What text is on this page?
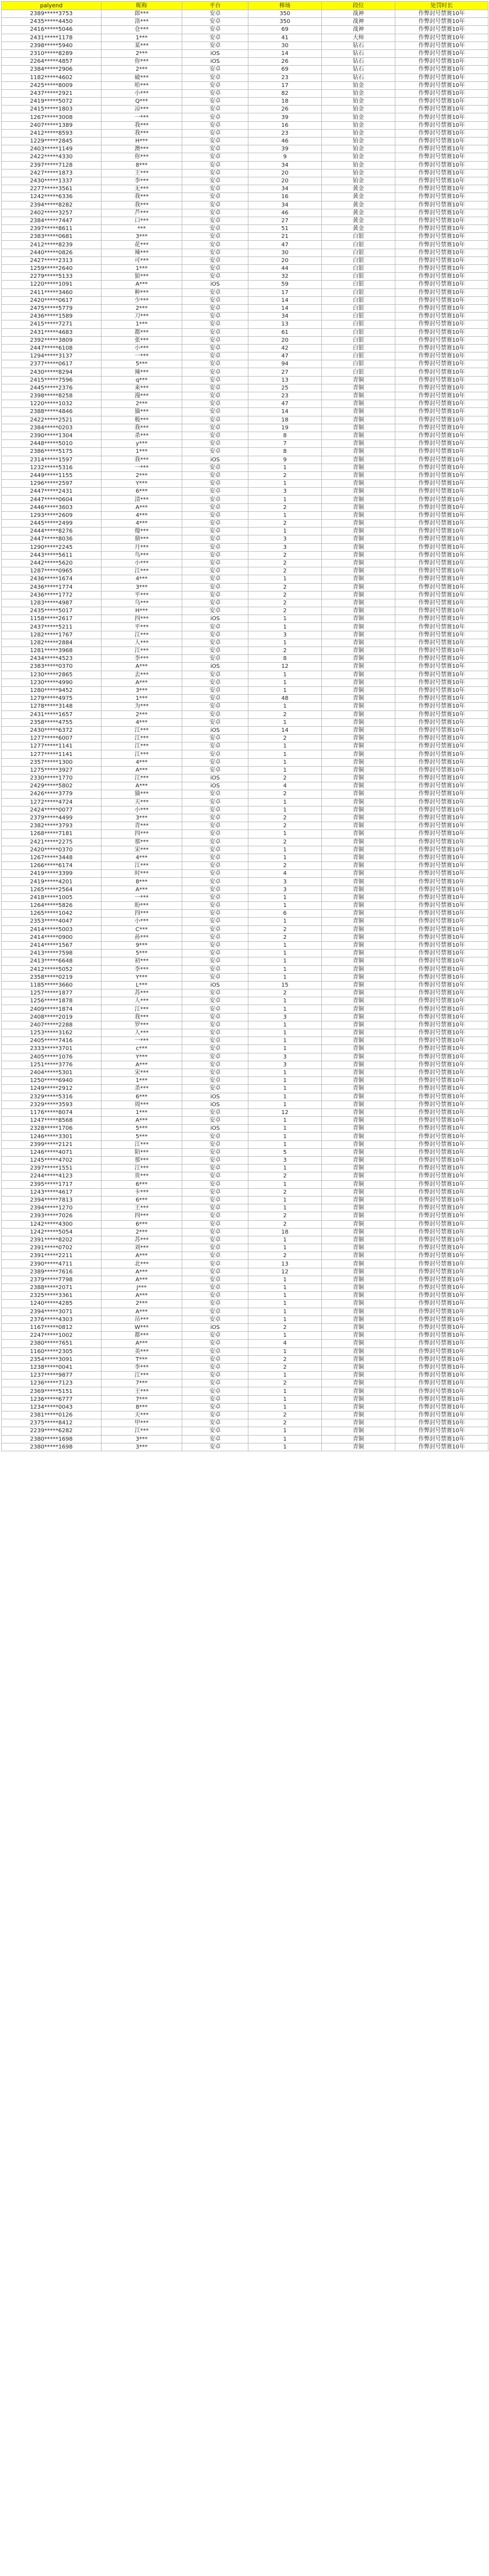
palyend	昵称	平台	棒场	段位	处罚时长
2389*****3753	郎***	安卓	350	战神	作弊封号禁赛10年
2435*****4450	洛***	安卓	350	战神	作弊封号禁赛10年
2416*****5046	仓***	安卓	69	战神	作弊封号禁赛10年
2431*****1178	1***	安卓	41	大师	作弊封号禁赛10年
2398*****5940	某***	安卓	30	钻石	作弊封号禁赛10年
2310*****8289	2***	iOS	14	钻石	作弊封号禁赛10年
2264*****4857	你***	iOS	26	钻石	作弊封号禁赛10年
2384*****2906	2***	安卓	69	钻石	作弊封号禁赛10年
1182*****4602	破***	安卓	23	钻石	作弊封号禁赛10年
2425*****8009	哈***	安卓	17	铂金	作弊封号禁赛10年
2437*****2921	小***	安卓	82	铂金	作弊封号禁赛10年
2419*****5072	Q***	安卓	18	铂金	作弊封号禁赛10年
2415*****1803	凉***	安卓	26	铂金	作弊封号禁赛10年
1267*****3008	一***	安卓	39	铂金	作弊封号禁赛10年
2407*****1389	我***	安卓	16	铂金	作弊封号禁赛10年
2412*****8593	我***	安卓	23	铂金	作弊封号禁赛10年
1229*****2845	H***	安卓	46	铂金	作弊封号禁赛10年
2403*****1149	澳***	安卓	39	铂金	作弊封号禁赛10年
2422*****4330	你***	安卓	9	铂金	作弊封号禁赛10年
2397*****7128	8***	安卓	34	铂金	作弊封号禁赛10年
2427*****1873	王***	安卓	20	铂金	作弊封号禁赛10年
2430*****1337	李***	安卓	20	铂金	作弊封号禁赛10年
2277*****3561	无***	安卓	34	黄金	作弊封号禁赛10年
1242*****6336	我***	安卓	16	黄金	作弊封号禁赛10年
2394*****8282	我***	安卓	34	黄金	作弊封号禁赛10年
2402*****3257	芦***	安卓	46	黄金	作弊封号禁赛10年
2384*****7447	口***	安卓	27	黄金	作弊封号禁赛10年
2397*****8611	***	安卓	51	黄金	作弊封号禁赛10年
2383*****0681	3***	安卓	21	白银	作弊封号禁赛10年
2412*****8239	花***	安卓	47	白银	作弊封号禁赛10年
2440*****0826	辣***	安卓	30	白银	作弊封号禁赛10年
2427*****2313	可***	安卓	20	白银	作弊封号禁赛10年
1259*****2640	1***	安卓	44	白银	作弊封号禁赛10年
2279*****5133	狼***	安卓	32	白银	作弊封号禁赛10年
1220*****1091	A***	iOS	59	白银	作弊封号禁赛10年
2411*****3460	种***	安卓	17	白银	作弊封号禁赛10年
2420*****0617	少***	安卓	14	白银	作弊封号禁赛10年
2475*****5779	2***	安卓	14	白银	作弊封号禁赛10年
2436*****1589	刀***	安卓	34	白银	作弊封号禁赛10年
2415*****7271	1***	安卓	13	白银	作弊封号禁赛10年
2431*****4683	都***	安卓	61	白银	作弊封号禁赛10年
2392*****3809	张***	安卓	20	白银	作弊封号禁赛10年
2447*****6108	小***	安卓	42	白银	作弊封号禁赛10年
1294*****3137	一***	安卓	47	白银	作弊封号禁赛10年
2377*****0617	5***	安卓	94	白银	作弊封号禁赛10年
2430*****8294	辣***	安卓	27	白银	作弊封号禁赛10年
2415*****7596	q***	安卓	13	青铜	作弊封号禁赛10年
2445*****2376	来***	安卓	25	青铜	作弊封号禁赛10年
2398*****8258	漫***	安卓	23	青铜	作弊封号禁赛10年
1220*****1032	2***	安卓	47	青铜	作弊封号禁赛10年
2388*****4846	猫***	安卓	14	青铜	作弊封号禁赛10年
2422*****2521	极***	安卓	18	青铜	作弊封号禁赛10年
2384*****0203	我***	安卓	19	青铜	作弊封号禁赛10年
2390*****1304	杀***	安卓	8	青铜	作弊封号禁赛10年
2448*****5010	y***	安卓	7	青铜	作弊封号禁赛10年
2386*****5175	1***	安卓	8	青铜	作弊封号禁赛10年
2314*****1597	我***	iOS	9	青铜	作弊封号禁赛10年
1232*****5316	一***	安卓	1	青铜	作弊封号禁赛10年
2449*****1155	2***	安卓	2	青铜	作弊封号禁赛10年
1296*****2597	Y***	安卓	1	青铜	作弊封号禁赛10年
2447*****2431	6***	安卓	3	青铜	作弊封号禁赛10年
2447*****0604	清***	安卓	1	青铜	作弊封号禁赛10年
2446*****3603	A***	安卓	2	青铜	作弊封号禁赛10年
1293*****2609	4***	安卓	1	青铜	作弊封号禁赛10年
2445*****2499	4***	安卓	2	青铜	作弊封号禁赛10年
2444*****8276	傻***	安卓	1	青铜	作弊封号禁赛10年
2447*****8036	鼎***	安卓	3	青铜	作弊封号禁赛10年
1290*****2245	月***	安卓	3	青铜	作弊封号禁赛10年
2443*****5611	鸟***	安卓	2	青铜	作弊封号禁赛10年
2442*****5620	小***	安卓	2	青铜	作弊封号禁赛10年
1287*****0965	江***	安卓	2	青铜	作弊封号禁赛10年
2436*****1674	4***	安卓	1	青铜	作弊封号禁赛10年
2436*****1774	3***	安卓	2	青铜	作弊封号禁赛10年
2436*****1772	平***	安卓	2	青铜	作弊封号禁赛10年
1283*****4987	乌***	安卓	2	青铜	作弊封号禁赛10年
2435*****5017	H***	安卓	2	青铜	作弊封号禁赛10年
1158*****2617	四***	iOS	1	青铜	作弊封号禁赛10年
2437*****5211	平***	安卓	1	青铜	作弊封号禁赛10年
1282*****1767	江***	安卓	3	青铜	作弊封号禁赛10年
1282*****2884	人***	安卓	1	青铜	作弊封号禁赛10年
1281*****3968	江***	安卓	2	青铜	作弊封号禁赛10年
2434*****4523	李***	安卓	8	青铜	作弊封号禁赛10年
2383*****0370	A***	iOS	12	青铜	作弊封号禁赛10年
1230*****2865	去***	安卓	1	青铜	作弊封号禁赛10年
1230*****4990	A***	安卓	1	青铜	作弊封号禁赛10年
1280*****9452	3***	安卓	1	青铜	作弊封号禁赛10年
1279*****4975	1***	安卓	48	青铜	作弊封号禁赛10年
1278*****3148	为***	安卓	1	青铜	作弊封号禁赛10年
2431*****1657	2***	安卓	2	青铜	作弊封号禁赛10年
2358*****4755	4***	安卓	1	青铜	作弊封号禁赛10年
2430*****6372	江***	iOS	14	青铜	作弊封号禁赛10年
1277*****6007	江***	安卓	2	青铜	作弊封号禁赛10年
1277*****1141	江***	安卓	1	青铜	作弊封号禁赛10年
1277*****1141	江***	安卓	1	青铜	作弊封号禁赛10年
2357*****1300	4***	安卓	1	青铜	作弊封号禁赛10年
1275*****3927	A***	安卓	1	青铜	作弊封号禁赛10年
2330*****1770	江***	iOS	2	青铜	作弊封号禁赛10年
2429*****5802	A***	iOS	4	青铜	作弊封号禁赛10年
2426*****3779	猫***	安卓	2	青铜	作弊封号禁赛10年
1272*****4724	天***	安卓	1	青铜	作弊封号禁赛10年
2424*****0077	小***	安卓	1	青铜	作弊封号禁赛10年
2379*****4499	3***	安卓	2	青铜	作弊封号禁赛10年
2382*****3793	青***	安卓	2	青铜	作弊封号禁赛10年
1268*****7181	四***	安卓	1	青铜	作弊封号禁赛10年
2421*****2275	那***	安卓	2	青铜	作弊封号禁赛10年
2420*****0370	宋***	安卓	1	青铜	作弊封号禁赛10年
1267*****3448	4***	安卓	1	青铜	作弊封号禁赛10年
1266*****6174	江***	安卓	2	青铜	作弊封号禁赛10年
2419*****3399	时***	安卓	4	青铜	作弊封号禁赛10年
2419*****4201	8***	安卓	3	青铜	作弊封号禁赛10年
1265*****2564	A***	安卓	3	青铜	作弊封号禁赛10年
2418*****1005	一***	安卓	1	青铜	作弊封号禁赛10年
1264*****5826	盼***	安卓	1	青铜	作弊封号禁赛10年
1265*****1042	四***	安卓	6	青铜	作弊封号禁赛10年
2353*****4047	小***	安卓	1	青铜	作弊封号禁赛10年
2414*****5003	C***	安卓	2	青铜	作弊封号禁赛10年
2414*****0900	孙***	安卓	2	青铜	作弊封号禁赛10年
2414*****1567	9***	安卓	1	青铜	作弊封号禁赛10年
2413*****7598	5***	安卓	1	青铜	作弊封号禁赛10年
2413*****6648	初***	安卓	1	青铜	作弊封号禁赛10年
2412*****5052	李***	安卓	1	青铜	作弊封号禁赛10年
2358*****0219	Y***	安卓	1	青铜	作弊封号禁赛10年
1185*****3660	L***	iOS	15	青铜	作弊封号禁赛10年
1257*****1877	苏***	安卓	2	青铜	作弊封号禁赛10年
1256*****1878	人***	安卓	1	青铜	作弊封号禁赛10年
2409*****1874	江***	安卓	1	青铜	作弊封号禁赛10年
2408*****2019	我***	安卓	3	青铜	作弊封号禁赛10年
2407*****2288	罗***	安卓	1	青铜	作弊封号禁赛10年
1253*****3162	人***	安卓	1	青铜	作弊封号禁赛10年
2405*****7416	一***	安卓	1	青铜	作弊封号禁赛10年
2333*****3701	c***	安卓	1	青铜	作弊封号禁赛10年
2405*****1076	Y***	安卓	3	青铜	作弊封号禁赛10年
1251*****3776	A***	安卓	3	青铜	作弊封号禁赛10年
2404*****5301	宋***	安卓	1	青铜	作弊封号禁赛10年
1250*****6940	1***	安卓	1	青铜	作弊封号禁赛10年
1249*****2912	杀***	安卓	1	青铜	作弊封号禁赛10年
2329*****5316	6***	iOS	1	青铜	作弊封号禁赛10年
2329*****3593	周***	iOS	1	青铜	作弊封号禁赛10年
1176*****8074	1***	安卓	12	青铜	作弊封号禁赛10年
1247*****8568	A***	安卓	1	青铜	作弊封号禁赛10年
2328*****1706	5***	iOS	1	青铜	作弊封号禁赛10年
1246*****3301	5***	安卓	1	青铜	作弊封号禁赛10年
2399*****2121	江***	安卓	1	青铜	作弊封号禁赛10年
1246*****4071	陌***	安卓	5	青铜	作弊封号禁赛10年
1245*****4702	那***	安卓	3	青铜	作弊封号禁赛10年
2397*****1551	江***	安卓	1	青铜	作弊封号禁赛10年
2244*****4123	贵***	安卓	2	青铜	作弊封号禁赛10年
2395*****1717	6***	安卓	1	青铜	作弊封号禁赛10年
1243*****4617	卡***	安卓	2	青铜	作弊封号禁赛10年
2394*****7813	6***	安卓	1	青铜	作弊封号禁赛10年
2394*****1270	王***	安卓	1	青铜	作弊封号禁赛10年
2393*****7026	四***	安卓	2	青铜	作弊封号禁赛10年
1242*****4300	6***	安卓	2	青铜	作弊封号禁赛10年
1242*****5054	2***	安卓	18	青铜	作弊封号禁赛10年
2391*****8202	苏***	安卓	1	青铜	作弊封号禁赛10年
2391*****0702	刘***	安卓	1	青铜	作弊封号禁赛10年
2391*****2211	A***	安卓	2	青铜	作弊封号禁赛10年
2390*****4711	北***	安卓	13	青铜	作弊封号禁赛10年
2389*****7616	A***	安卓	12	青铜	作弊封号禁赛10年
2379*****7798	A***	安卓	1	青铜	作弊封号禁赛10年
2388*****2071	J***	安卓	1	青铜	作弊封号禁赛10年
2325*****3361	A***	安卓	1	青铜	作弊封号禁赛10年
1240*****4285	2***	安卓	1	青铜	作弊封号禁赛10年
2394*****3071	A***	安卓	1	青铜	作弊封号禁赛10年
2376*****4303	吊***	安卓	1	青铜	作弊封号禁赛10年
1167*****0812	W***	iOS	2	青铜	作弊封号禁赛10年
2247*****1002	都***	安卓	1	青铜	作弊封号禁赛10年
2380*****7651	A***	安卓	4	青铜	作弊封号禁赛10年
1160*****2305	美***	安卓	1	青铜	作弊封号禁赛10年
2354*****3091	T***	安卓	2	青铜	作弊封号禁赛10年
1238*****0041	李***	安卓	2	青铜	作弊封号禁赛10年
1237*****9877	江***	安卓	1	青铜	作弊封号禁赛10年
1236*****7123	7***	安卓	2	青铜	作弊封号禁赛10年
2369*****5151	王***	安卓	1	青铜	作弊封号禁赛10年
1236*****6777	7***	安卓	1	青铜	作弊封号禁赛10年
1234*****0043	8***	安卓	1	青铜	作弊封号禁赛10年
2381*****0126	天***	安卓	2	青铜	作弊封号禁赛10年
2375*****8412	甲***	安卓	2	青铜	作弊封号禁赛10年
2239*****6282	江***	安卓	1	青铜	作弊封号禁赛10年
2380*****1698	3***	安卓	1	青铜	作弊封号禁赛10年
2380*****1698	3***	安卓	1	青铜	作弊封号禁赛10年
